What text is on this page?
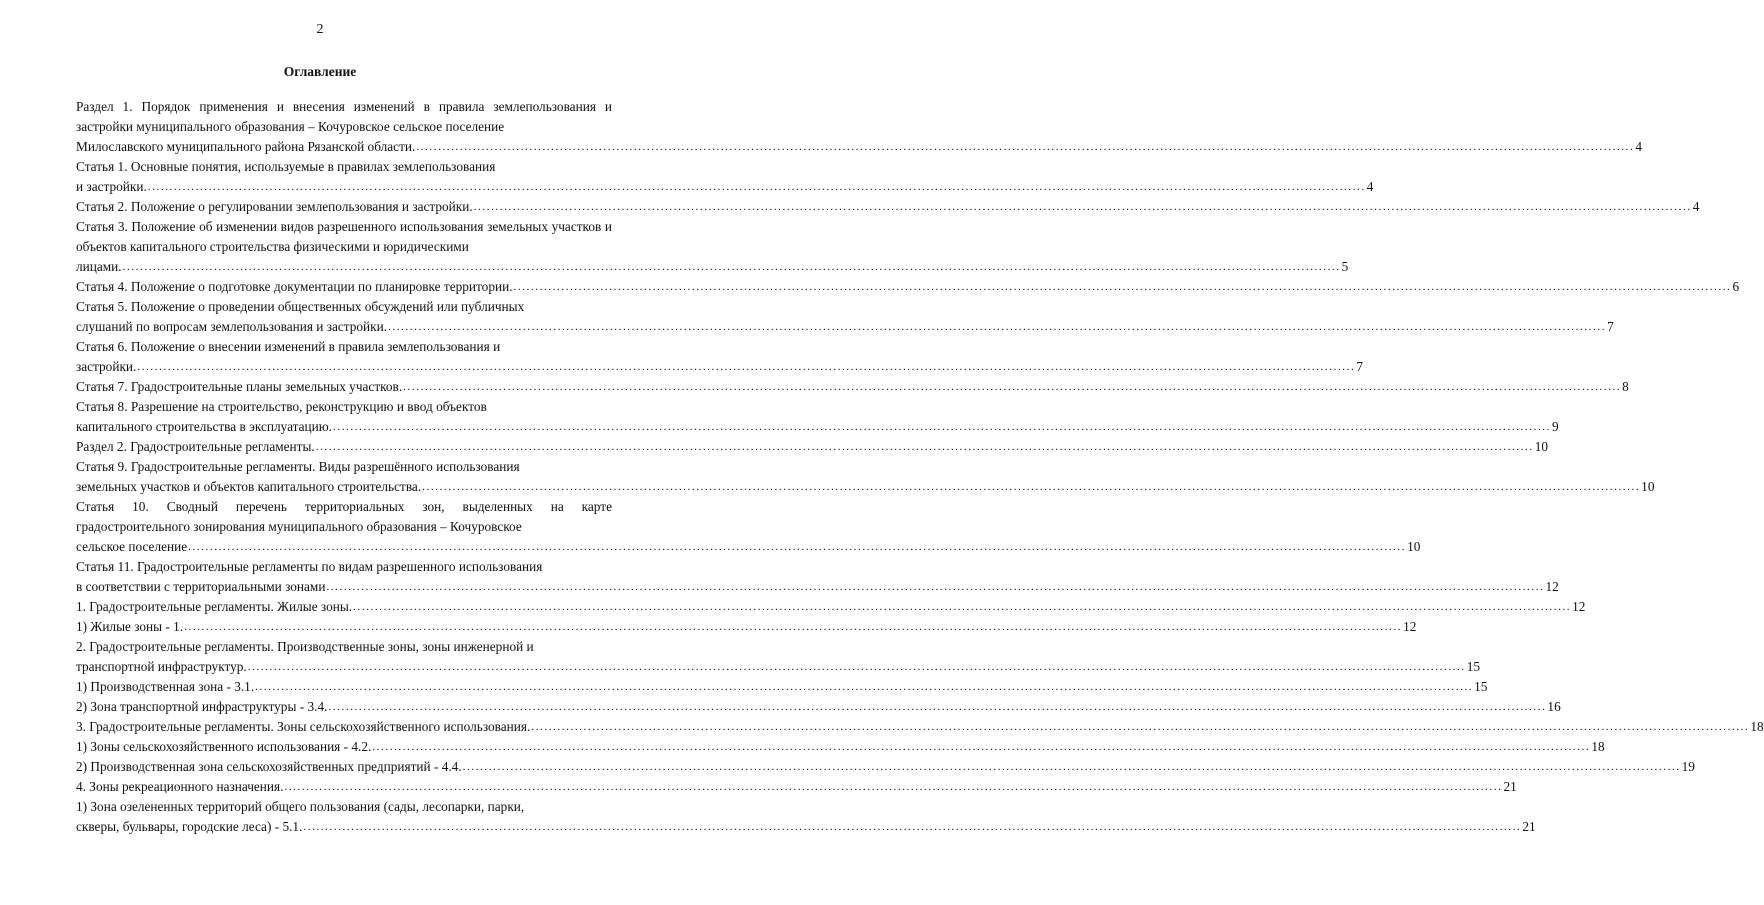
2
Оглавление
Раздел 1. Порядок применения и внесения изменений в правила землепользования и застройки муниципального образования – Кочуровское сельское поселение
Милославского муниципального района Рязанской области. ........................................................................................................................................................................................................................................................................................ 4
Статья 1. Основные понятия, используемые в правилах землепользования
и застройки. ........................................................................................................................................................................................................................................................................................ 4
Статья 2. Положение о регулировании землепользования и застройки. ........................................................................................................................................................................................................................................................................................ 4
Статья 3. Положение об изменении видов разрешенного использования земельных участков и объектов капитального строительства физическими и юридическими
лицами. ........................................................................................................................................................................................................................................................................................ 5
Статья 4. Положение о подготовке документации по планировке территории. ........................................................................................................................................................................................................................................................................................ 6
Статья 5. Положение о проведении общественных обсуждений или публичных
слушаний по вопросам землепользования и застройки. ........................................................................................................................................................................................................................................................................................ 7
Статья 6. Положение о внесении изменений в правила землепользования и
застройки. ........................................................................................................................................................................................................................................................................................ 7
Статья 7. Градостроительные планы земельных участков. ........................................................................................................................................................................................................................................................................................ 8
Статья 8. Разрешение на строительство, реконструкцию и ввод объектов
капитального строительства в эксплуатацию. ........................................................................................................................................................................................................................................................................................ 9
Раздел 2. Градостроительные регламенты. ........................................................................................................................................................................................................................................................................................ 10
Статья 9. Градостроительные регламенты. Виды разрешённого использования
земельных участков и объектов капитального строительства. ........................................................................................................................................................................................................................................................................................ 10
Статья 10. Сводный перечень территориальных зон, выделенных на карте градостроительного зонирования муниципального образования – Кочуровское
сельское поселение ........................................................................................................................................................................................................................................................................................ 10
Статья 11. Градостроительные регламенты по видам разрешенного использования
в соответствии с территориальными зонами ........................................................................................................................................................................................................................................................................................ 12
1. Градостроительные регламенты. Жилые зоны. ........................................................................................................................................................................................................................................................................................ 12
1) Жилые зоны - 1. ........................................................................................................................................................................................................................................................................................ 12
2. Градостроительные регламенты. Производственные зоны, зоны инженерной и
транспортной инфраструктур. ........................................................................................................................................................................................................................................................................................ 15
1) Производственная зона - 3.1. ........................................................................................................................................................................................................................................................................................ 15
2) Зона транспортной инфраструктуры - 3.4. ........................................................................................................................................................................................................................................................................................ 16
3. Градостроительные регламенты. Зоны сельскохозяйственного использования. ........................................................................................................................................................................................................................................................................................ 18
1) Зоны сельскохозяйственного использования - 4.2. ........................................................................................................................................................................................................................................................................................ 18
2) Производственная зона сельскохозяйственных предприятий - 4.4. ........................................................................................................................................................................................................................................................................................ 19
4. Зоны рекреационного назначения. ........................................................................................................................................................................................................................................................................................ 21
1) Зона озелененных территорий общего пользования (сады, лесопарки, парки,
скверы, бульвары, городские леса) - 5.1. ........................................................................................................................................................................................................................................................................................ 21
